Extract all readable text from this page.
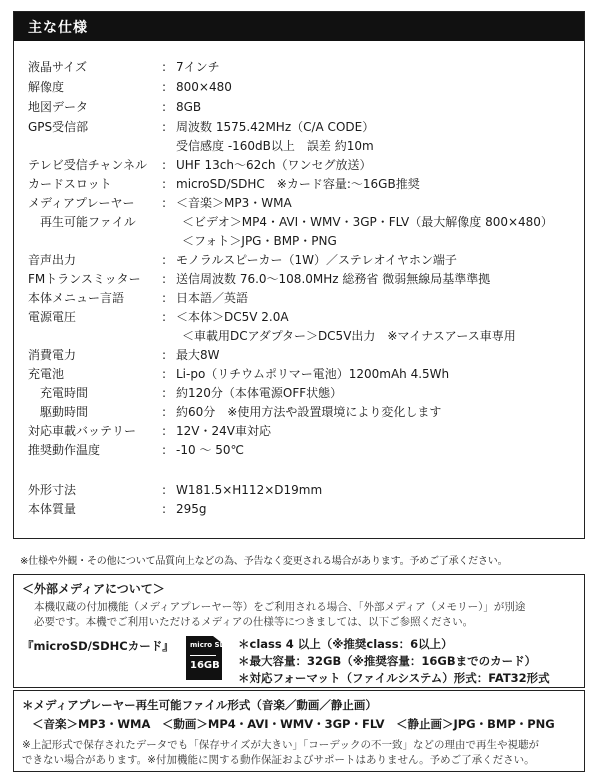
主な仕様
液晶サイズ	: 7インチ
解像度	: 800×480
地図データ	: 8GB
GPS受信部	: 周波数 1575.42MHz（C/A CODE）
受信感度 -160dB以上　誤差 約10m
テレビ受信チャンネル : UHF 13ch～62ch（ワンセグ放送）
カードスロット	: microSD/SDHC　※カード容量:～16GB推奨
メディアプレーヤー : ＜音楽＞MP3・WMA
再生可能ファイル	＜ビデオ＞MP4・AVI・WMV・3GP・FLV（最大解像度 800×480）
＜フォト＞JPG・BMP・PNG
音声出力	: モノラルスピーカー（1W）／ステレオイヤホン端子
FMトランスミッター : 送信周波数 76.0～108.0MHz 総務省 微弱無線局基準準拠
本体メニュー言語	: 日本語／英語
電源電圧	: ＜本体＞DC5V 2.0A
＜車載用DCアダプター＞DC5V出力　※マイナスアース車専用
消費電力	: 最大8W
充電池	: Li-po（リチウムポリマー電池）1200mAh 4.5Wh
充電時間	: 約120分（本体電源OFF状態）
駆動時間	: 約60分　※使用方法や設置環境により変化します
対応車載バッテリー : 12V・24V車対応
推奨動作温度	: -10 ～ 50℃
外形寸法	: W181.5×H112×D19mm
本体質量	: 295g
※仕様や外観・その他について品質向上などの為、予告なく変更される場合があります。予めご了承ください。
＜外部メディアについて＞
本機収蔵の付加機能（メディアプレーヤー等）をご利用される場合、「外部メディア（メモリー）」が別途
必要です。本機でご利用いただけるメディアの仕様等につきましては、以下ご参照ください。
『microSD/SDHCカード』 micro SD
16GB
＊class 4 以上（※推奨class：6以上）
＊最大容量：32GB（※推奨容量：16GBまでのカード）
＊対応フォーマット（ファイルシステム）形式：FAT32形式
＊メディアプレーヤー再生可能ファイル形式（音楽／動画／静止画）
＜音楽＞MP3・WMA　＜動画＞MP4・AVI・WMV・3GP・FLV　＜静止画＞JPG・BMP・PNG
※上記形式で保存されたデータでも「保存サイズが大きい」「コーデックの不一致」などの理由で再生や視聴が
できない場合があります。※付加機能に関する動作保証およびサポートはありません。予めご了承ください。
